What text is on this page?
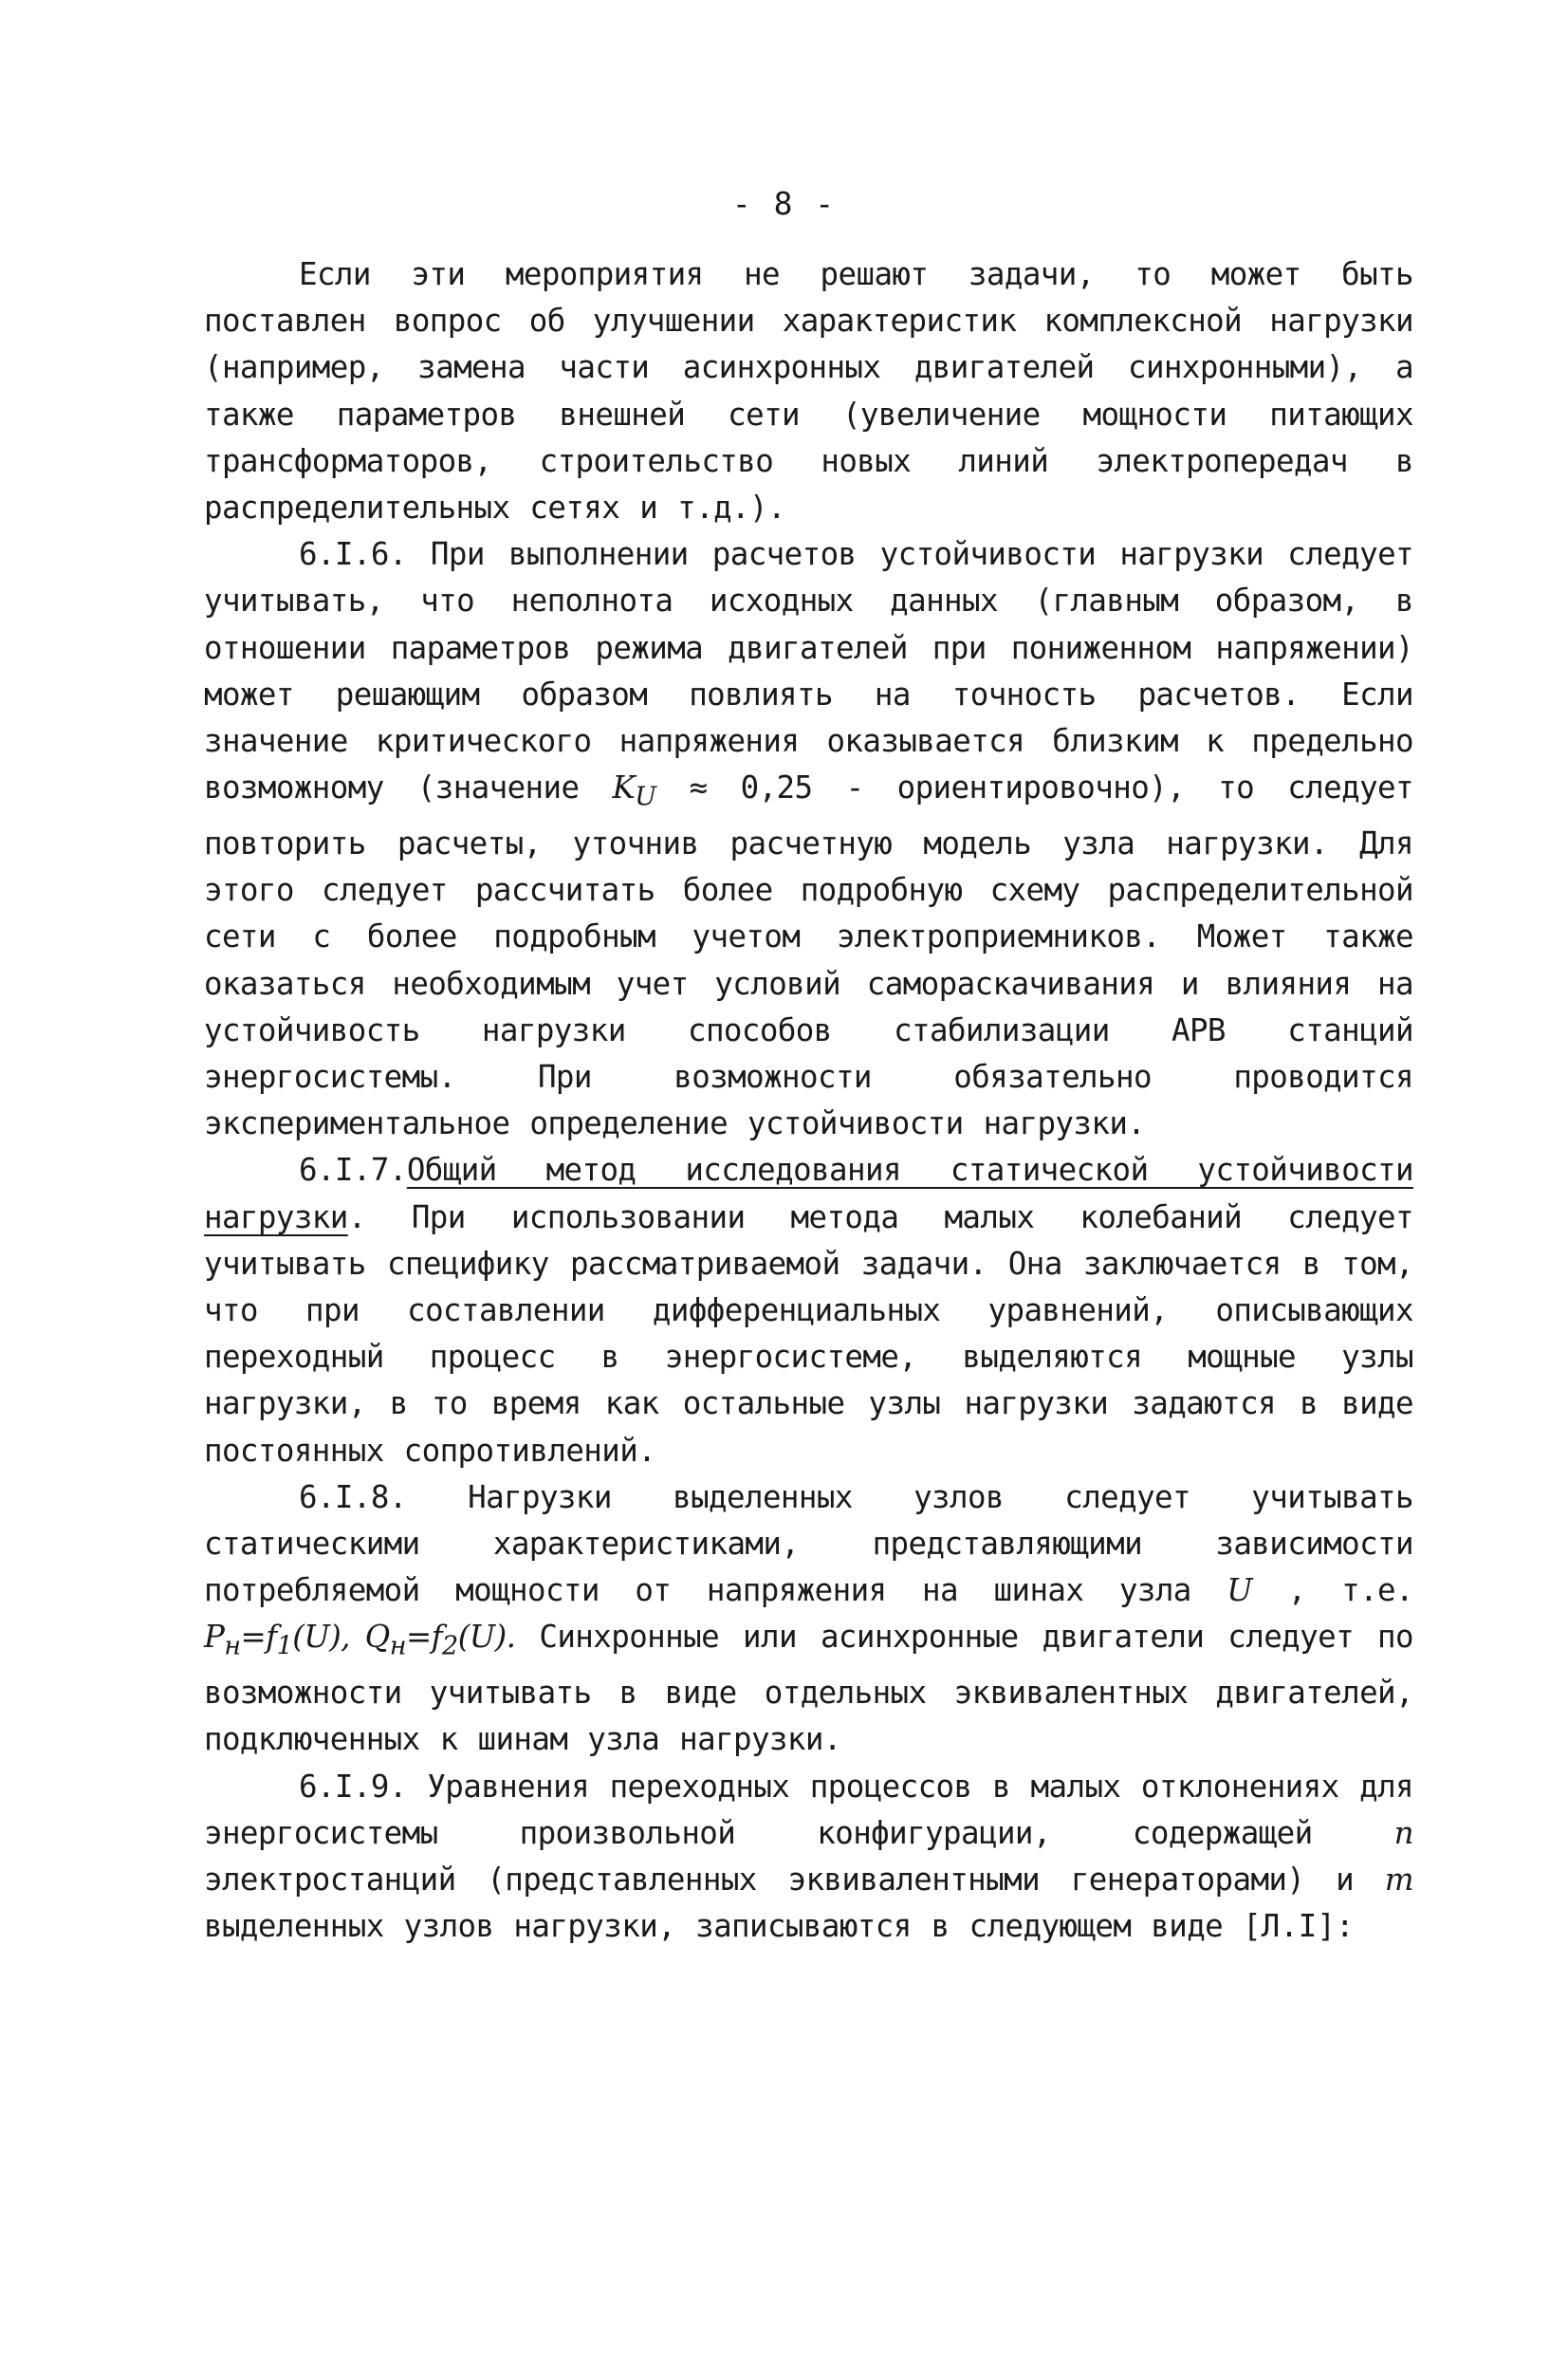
- 8 -

Если эти мероприятия не решают задачи, то может быть поставлен вопрос об улучшении характеристик комплексной нагрузки (например, замена части асинхронных двигателей синхронными), а также параметров внешней сети (увеличение мощности питающих трансформаторов, строительство новых линий электропередач в распределительных сетях и т.д.).

6.I.6. При выполнении расчетов устойчивости нагрузки следует учитывать, что неполнота исходных данных (главным образом, в отношении параметров режима двигателей при пониженном напряжении) может решающим образом повлиять на точность расчетов. Если значение критического напряжения оказывается близким к предельно возможному (значение $K_U \approx 0,25$ - ориентировочно), то следует повторить расчеты, уточнив расчетную модель узла нагрузки. Для этого следует рассчитать более подробную схему распределительной сети с более подробным учетом электроприемников. Может также оказаться необходимым учет условий самораскачивания и влияния на устойчивость нагрузки способов стабилизации АРВ станций энергосистемы. При возможности обязательно проводится экспериментальное определение устойчивости нагрузки.

6.I.7.Общий метод исследования статической устойчивости нагрузки. При использовании метода малых колебаний следует учитывать специфику рассматриваемой задачи. Она заключается в том, что при составлении дифференциальных уравнений, описывающих переходный процесс в энергосистеме, выделяются мощные узлы нагрузки, в то время как остальные узлы нагрузки задаются в виде постоянных сопротивлений.

6.I.8. Нагрузки выделенных узлов следует учитывать статическими характеристиками, представляющими зависимости потребляемой мощности от напряжения на шинах узла U , т.е. $P_н=f_1(U)$, $Q_н=f_2(U)$. Синхронные или асинхронные двигатели следует по возможности учитывать в виде отдельных эквивалентных двигателей, подключенных к шинам узла нагрузки.

6.I.9. Уравнения переходных процессов в малых отклонениях для энергосистемы произвольной конфигурации, содержащей n электростанций (представленных эквивалентными генераторами) и m выделенных узлов нагрузки, записываются в следующем виде [Л.I]:
